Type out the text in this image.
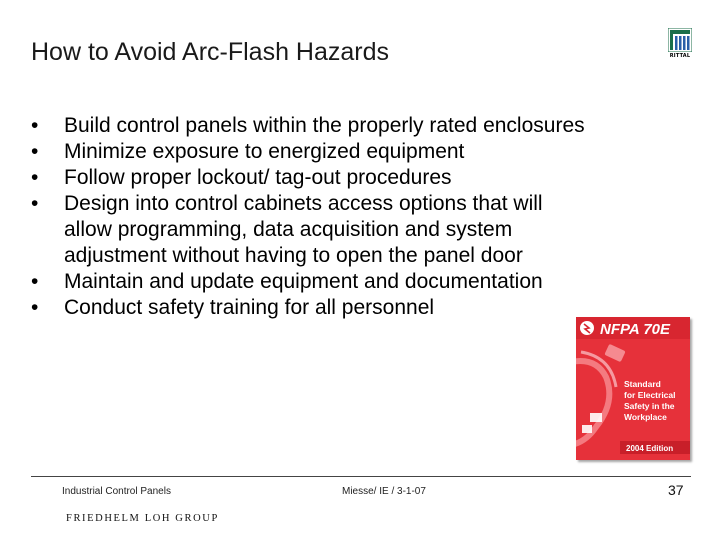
How to Avoid Arc-Flash Hazards	RITTAL
• Build control panels within the properly rated enclosures
• Minimize exposure to energized equipment
• Follow proper lockout/ tag-out procedures
• Design into control cabinets access options that will allow programming, data acquisition and system adjustment without having to open the panel door
• Maintain and update equipment and documentation
• Conduct safety training for all personnel
NFPA 70E
Standard for Electrical Safety in the Workplace
2004 Edition
Industrial Control Panels	Miesse/ IE / 3-1-07	37
FRIEDHELM LOH GROUP
